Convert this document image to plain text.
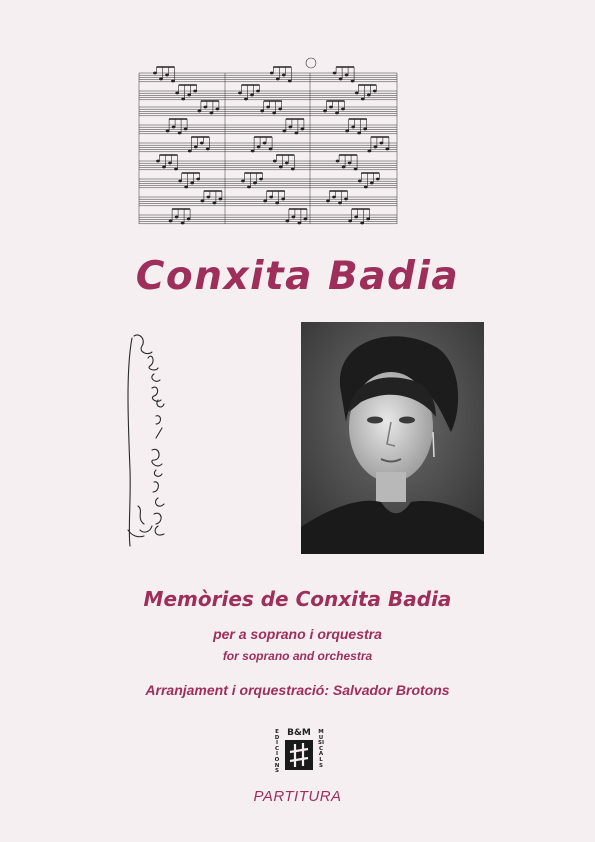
Conxita Badia
Memòries de Conxita Badia
per a soprano i orquestra
for soprano and orchestra
Arranjament i orquestració: Salvador Brotons
B&M
EDICIONS
MUSICALS
PARTITURA
